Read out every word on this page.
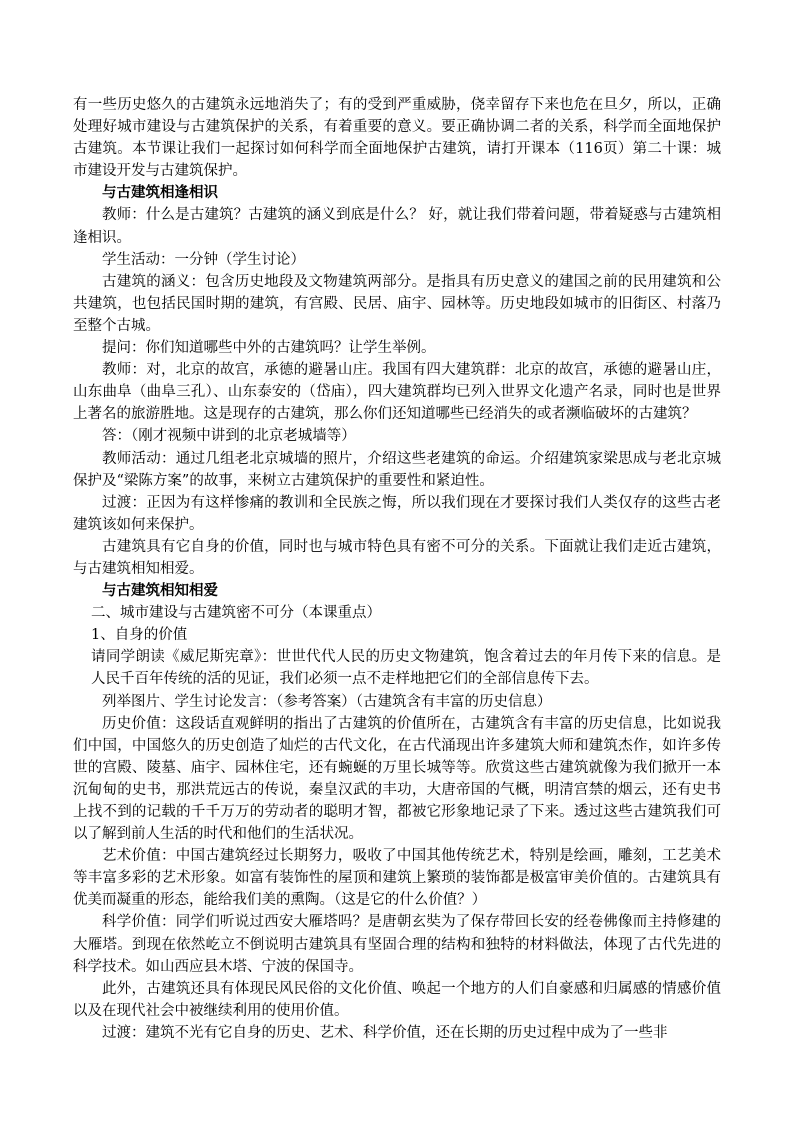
有一些历史悠久的古建筑永远地消失了；有的受到严重威胁，侥幸留存下来也危在旦夕，所以，正确处理好城市建设与古建筑保护的关系，有着重要的意义。要正确协调二者的关系，科学而全面地保护古建筑。本节课让我们一起探讨如何科学而全面地保护古建筑，请打开课本（116页）第二十课：城市建设开发与古建筑保护。

与古建筑相逢相识

教师：什么是古建筑？古建筑的涵义到底是什么？ 好，就让我们带着问题，带着疑惑与古建筑相逢相识。

学生活动：一分钟（学生讨论）

古建筑的涵义：包含历史地段及文物建筑两部分。是指具有历史意义的建国之前的民用建筑和公共建筑，也包括民国时期的建筑，有宫殿、民居、庙宇、园林等。历史地段如城市的旧街区、村落乃至整个古城。

提问：你们知道哪些中外的古建筑吗？让学生举例。

教师：对，北京的故宫，承德的避暑山庄。我国有四大建筑群：北京的故宫，承德的避暑山庄，山东曲阜（曲阜三孔）、山东泰安的（岱庙），四大建筑群均已列入世界文化遗产名录，同时也是世界上著名的旅游胜地。这是现存的古建筑，那么你们还知道哪些已经消失的或者濒临破坏的古建筑？

答：（刚才视频中讲到的北京老城墙等）

教师活动：通过几组老北京城墙的照片，介绍这些老建筑的命运。介绍建筑家梁思成与老北京城保护及“梁陈方案”的故事，来树立古建筑保护的重要性和紧迫性。

过渡：正因为有这样惨痛的教训和全民族之悔，所以我们现在才要探讨我们人类仅存的这些古老建筑该如何来保护。

古建筑具有它自身的价值，同时也与城市特色具有密不可分的关系。下面就让我们走近古建筑，与古建筑相知相爱。

与古建筑相知相爱

二、城市建设与古建筑密不可分（本课重点）

1、自身的价值

请同学朗读《威尼斯宪章》：世世代代人民的历史文物建筑，饱含着过去的年月传下来的信息。是人民千百年传统的活的见证，我们必须一点不走样地把它们的全部信息传下去。

列举图片、学生讨论发言：（参考答案）（古建筑含有丰富的历史信息）

历史价值：这段话直观鲜明的指出了古建筑的价值所在，古建筑含有丰富的历史信息，比如说我们中国，中国悠久的历史创造了灿烂的古代文化，在古代涌现出许多建筑大师和建筑杰作，如许多传世的宫殿、陵墓、庙宇、园林住宅，还有蜿蜒的万里长城等等。欣赏这些古建筑就像为我们掀开一本沉甸甸的史书，那洪荒远古的传说，秦皇汉武的丰功，大唐帝国的气概，明清宫禁的烟云，还有史书上找不到的记载的千千万万的劳动者的聪明才智，都被它形象地记录了下来。透过这些古建筑我们可以了解到前人生活的时代和他们的生活状况。

艺术价值：中国古建筑经过长期努力，吸收了中国其他传统艺术，特别是绘画，雕刻，工艺美术等丰富多彩的艺术形象。如富有装饰性的屋顶和建筑上繁琐的装饰都是极富审美价值的。古建筑具有优美而凝重的形态，能给我们美的熏陶。（这是它的什么价值？）

科学价值：同学们听说过西安大雁塔吗？是唐朝玄奘为了保存带回长安的经卷佛像而主持修建的大雁塔。到现在依然屹立不倒说明古建筑具有坚固合理的结构和独特的材料做法，体现了古代先进的科学技术。如山西应县木塔、宁波的保国寺。

此外，古建筑还具有体现民风民俗的文化价值、唤起一个地方的人们自豪感和归属感的情感价值以及在现代社会中被继续利用的使用价值。

过渡：建筑不光有它自身的历史、艺术、科学价值，还在长期的历史过程中成为了一些非
